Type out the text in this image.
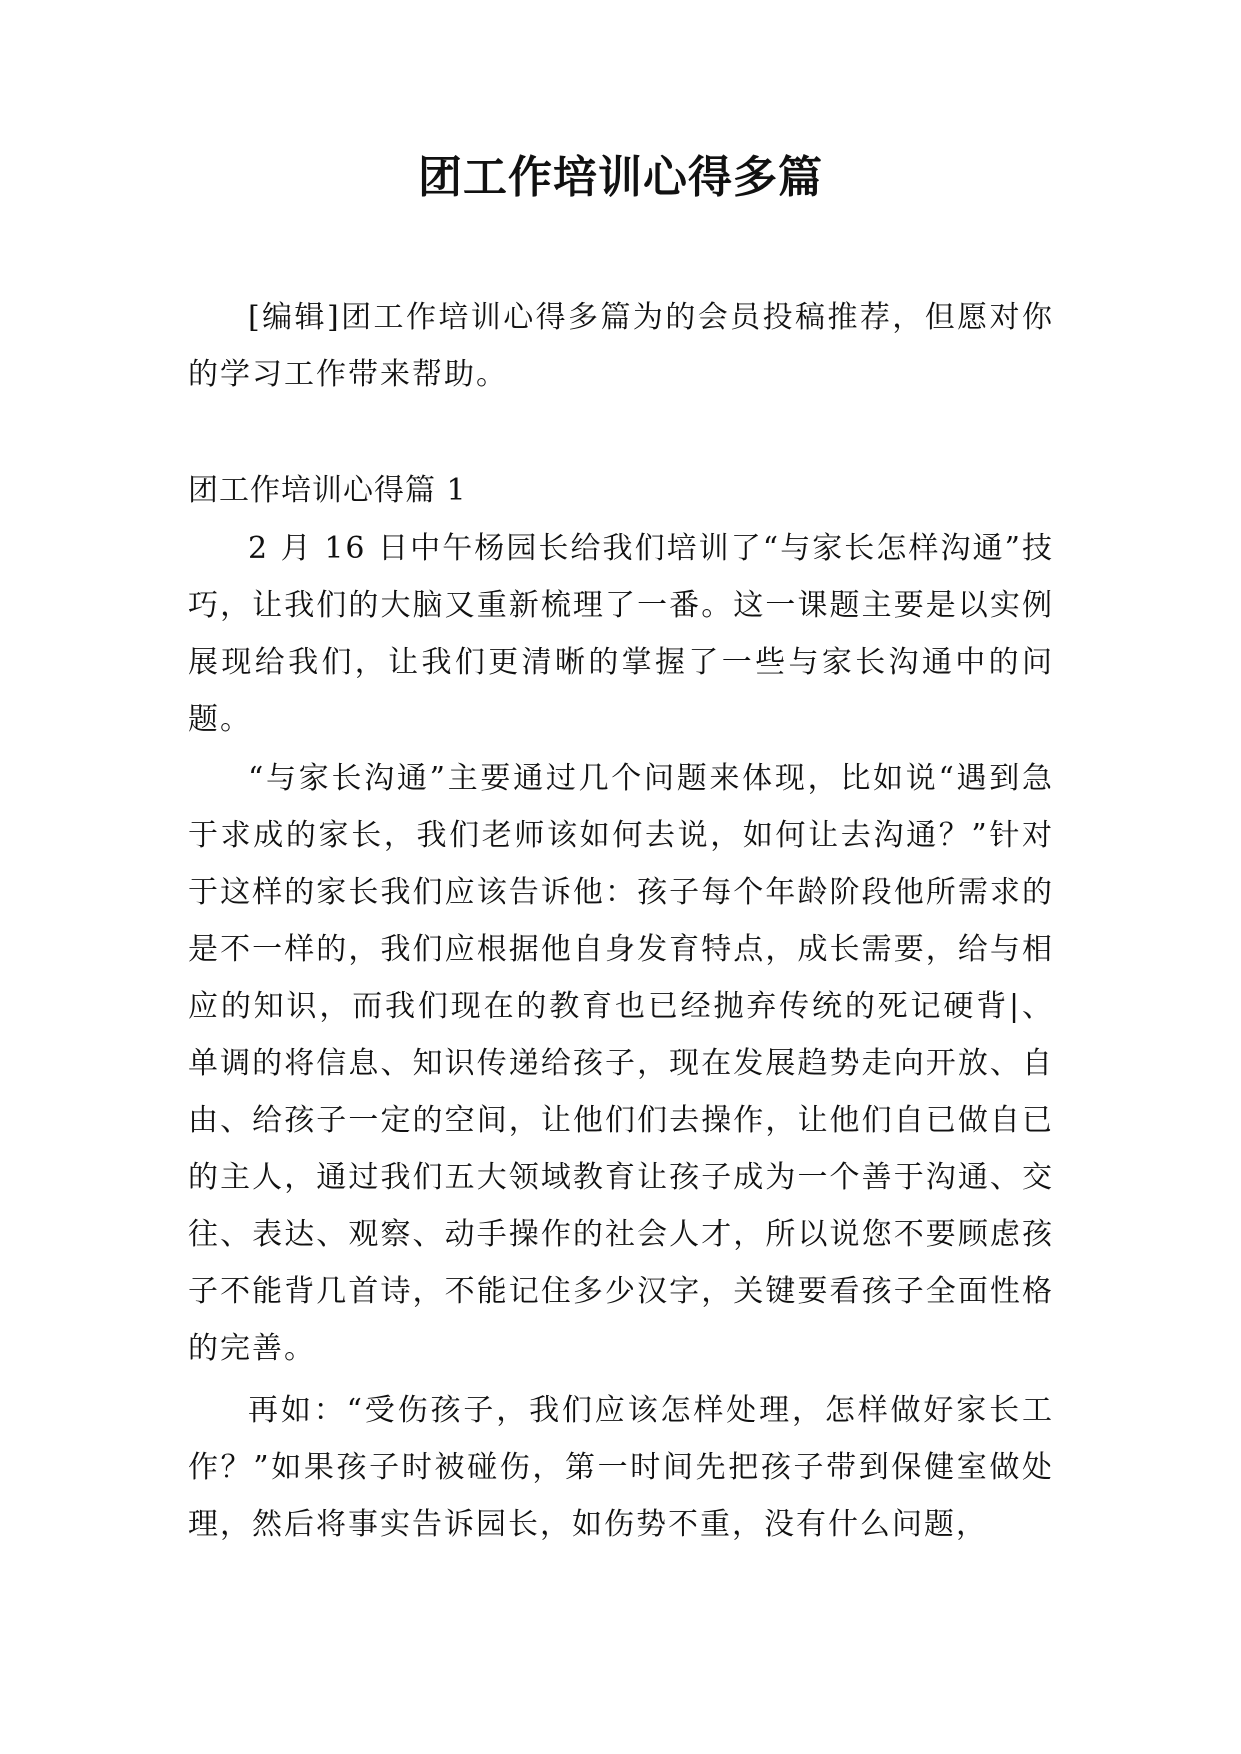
团工作培训心得多篇

[编辑]团工作培训心得多篇为的会员投稿推荐，但愿对你的学习工作带来帮助。

团工作培训心得篇 1

2 月 16 日中午杨园长给我们培训了“与家长怎样沟通”技巧，让我们的大脑又重新梳理了一番。这一课题主要是以实例展现给我们，让我们更清晰的掌握了一些与家长沟通中的问题。

“与家长沟通”主要通过几个问题来体现，比如说“遇到急于求成的家长，我们老师该如何去说，如何让去沟通？”针对于这样的家长我们应该告诉他：孩子每个年龄阶段他所需求的是不一样的，我们应根据他自身发育特点，成长需要，给与相应的知识，而我们现在的教育也已经抛弃传统的死记硬背|、单调的将信息、知识传递给孩子，现在发展趋势走向开放、自由、给孩子一定的空间，让他们们去操作，让他们自已做自已的主人，通过我们五大领域教育让孩子成为一个善于沟通、交往、表达、观察、动手操作的社会人才，所以说您不要顾虑孩子不能背几首诗，不能记住多少汉字，关键要看孩子全面性格的完善。

再如：“受伤孩子，我们应该怎样处理，怎样做好家长工作？”如果孩子时被碰伤，第一时间先把孩子带到保健室做处理，然后将事实告诉园长，如伤势不重，没有什么问题，
